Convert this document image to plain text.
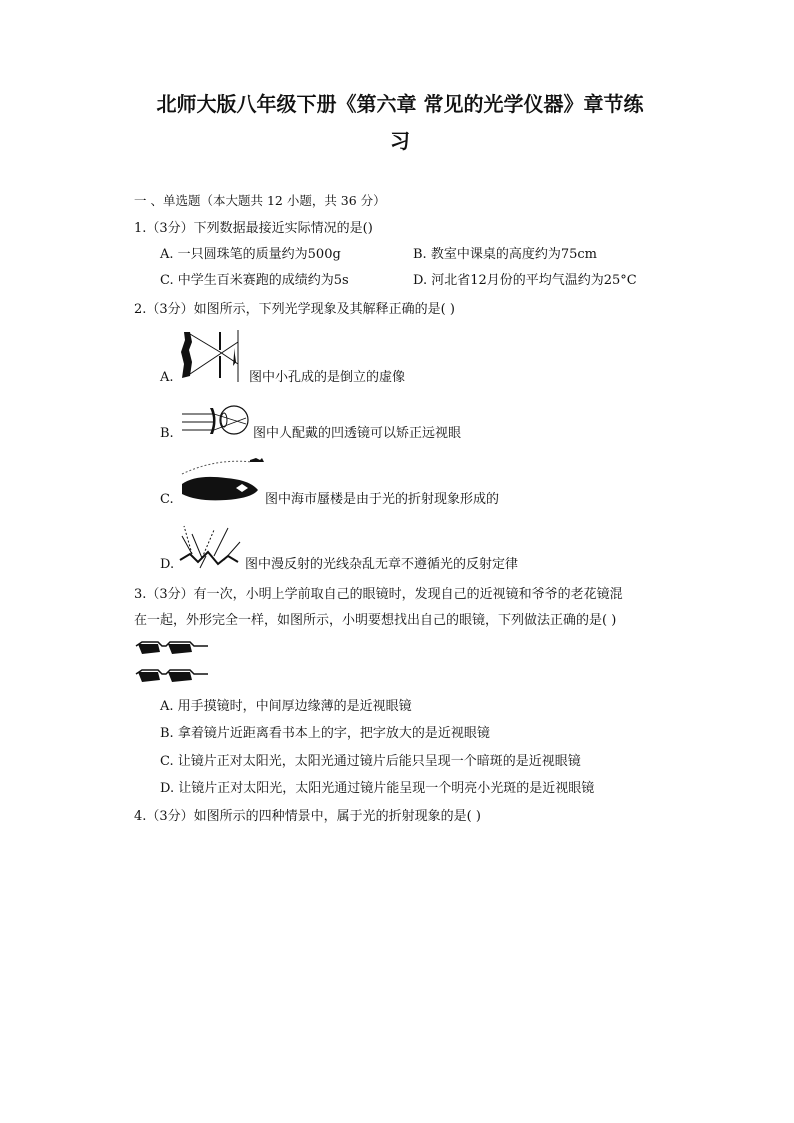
北师大版八年级下册《第六章 常见的光学仪器》章节练
习
一 、单选题（本大题共 12 小题，共 36 分）
1.（3分）下列数据最接近实际情况的是()
A. 一只圆珠笔的质量约为500g	B. 教室中课桌的高度约为75cm
C. 中学生百米赛跑的成绩约为5s	D. 河北省12月份的平均气温约为25°C
2.（3分）如图所示，下列光学现象及其解释正确的是( )
A.	图中小孔成的是倒立的虚像
B.	图中人配戴的凹透镜可以矫正远视眼
C.	图中海市蜃楼是由于光的折射现象形成的
D.	图中漫反射的光线杂乱无章不遵循光的反射定律
3.（3分）有一次，小明上学前取自己的眼镜时，发现自己的近视镜和爷爷的老花镜混
在一起，外形完全一样，如图所示，小明要想找出自己的眼镜，下列做法正确的是( )
A. 用手摸镜时，中间厚边缘薄的是近视眼镜
B. 拿着镜片近距离看书本上的字，把字放大的是近视眼镜
C. 让镜片正对太阳光，太阳光通过镜片后能只呈现一个暗斑的是近视眼镜
D. 让镜片正对太阳光，太阳光通过镜片能呈现一个明亮小光斑的是近视眼镜
4.（3分）如图所示的四种情景中，属于光的折射现象的是( )
